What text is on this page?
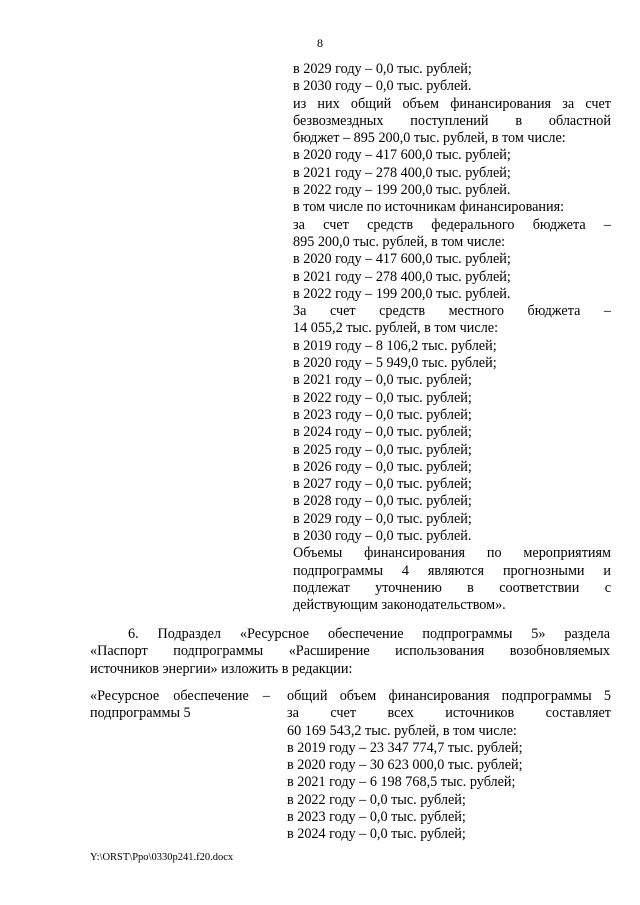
8
в 2029 году – 0,0 тыс. рублей;
в 2030 году – 0,0 тыс. рублей.
из них общий объем финансирования за счет
безвозмездных поступлений в областной
бюджет – 895 200,0 тыс. рублей, в том числе:
в 2020 году – 417 600,0 тыс. рублей;
в 2021 году – 278 400,0 тыс. рублей;
в 2022 году – 199 200,0 тыс. рублей.
в том числе по источникам финансирования:
за счет средств федерального бюджета –
895 200,0 тыс. рублей, в том числе:
в 2020 году – 417 600,0 тыс. рублей;
в 2021 году – 278 400,0 тыс. рублей;
в 2022 году – 199 200,0 тыс. рублей.
За счет средств местного бюджета –
14 055,2 тыс. рублей, в том числе:
в 2019 году – 8 106,2 тыс. рублей;
в 2020 году – 5 949,0 тыс. рублей;
в 2021 году – 0,0 тыс. рублей;
в 2022 году – 0,0 тыс. рублей;
в 2023 году – 0,0 тыс. рублей;
в 2024 году – 0,0 тыс. рублей;
в 2025 году – 0,0 тыс. рублей;
в 2026 году – 0,0 тыс. рублей;
в 2027 году – 0,0 тыс. рублей;
в 2028 году – 0,0 тыс. рублей;
в 2029 году – 0,0 тыс. рублей;
в 2030 году – 0,0 тыс. рублей.
Объемы финансирования по мероприятиям
подпрограммы 4 являются прогнозными и
подлежат уточнению в соответствии с
действующим законодательством».
6. Подраздел «Ресурсное обеспечение подпрограммы 5» раздела
«Паспорт подпрограммы «Расширение использования возобновляемых
источников энергии» изложить в редакции:
«Ресурсное обеспечение –
подпрограммы 5
общий объем финансирования подпрограммы 5
за счет всех источников составляет
60 169 543,2 тыс. рублей, в том числе:
в 2019 году – 23 347 774,7 тыс. рублей;
в 2020 году – 30 623 000,0 тыс. рублей;
в 2021 году – 6 198 768,5 тыс. рублей;
в 2022 году – 0,0 тыс. рублей;
в 2023 году – 0,0 тыс. рублей;
в 2024 году – 0,0 тыс. рублей;
Y:\ORST\Ppo\0330p241.f20.docx
